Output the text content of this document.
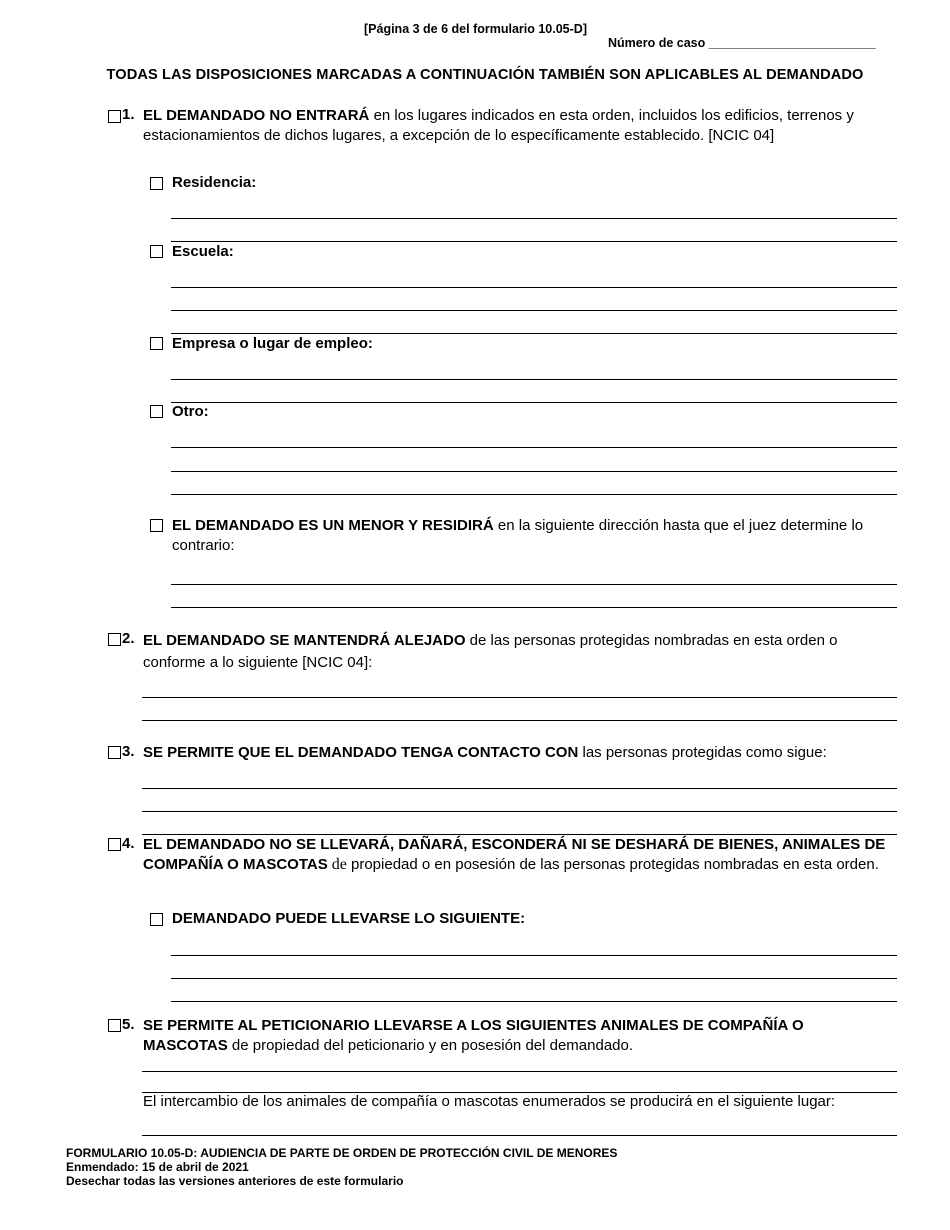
[Página 3 de 6 del formulario 10.05-D]
Número de caso ________________________
TODAS LAS DISPOSICIONES MARCADAS A CONTINUACIÓN TAMBIÉN SON APLICABLES AL DEMANDADO
1. EL DEMANDADO NO ENTRARÁ en los lugares indicados en esta orden, incluidos los edificios, terrenos y estacionamientos de dichos lugares, a excepción de lo específicamente establecido. [NCIC 04]
Residencia:
Escuela:
Empresa o lugar de empleo:
Otro:
EL DEMANDADO ES UN MENOR Y RESIDIRÁ en la siguiente dirección hasta que el juez determine lo contrario:
2. EL DEMANDADO SE MANTENDRÁ ALEJADO de las personas protegidas nombradas en esta orden o conforme a lo siguiente [NCIC 04]:
3. SE PERMITE QUE EL DEMANDADO TENGA CONTACTO CON las personas protegidas como sigue:
4. EL DEMANDADO NO SE LLEVARÁ, DAÑARÁ, ESCONDERÁ NI SE DESHARÁ DE BIENES, ANIMALES DE COMPAÑÍA O MASCOTAS de propiedad o en posesión de las personas protegidas nombradas en esta orden.
DEMANDADO PUEDE LLEVARSE LO SIGUIENTE:
5. SE PERMITE AL PETICIONARIO LLEVARSE A LOS SIGUIENTES ANIMALES DE COMPAÑÍA O MASCOTAS de propiedad del peticionario y en posesión del demandado.
El intercambio de los animales de compañía o mascotas enumerados se producirá en el siguiente lugar:
FORMULARIO 10.05-D: AUDIENCIA DE PARTE DE ORDEN DE PROTECCIÓN CIVIL DE MENORES
Enmendado: 15 de abril de 2021
Desechar todas las versiones anteriores de este formulario
